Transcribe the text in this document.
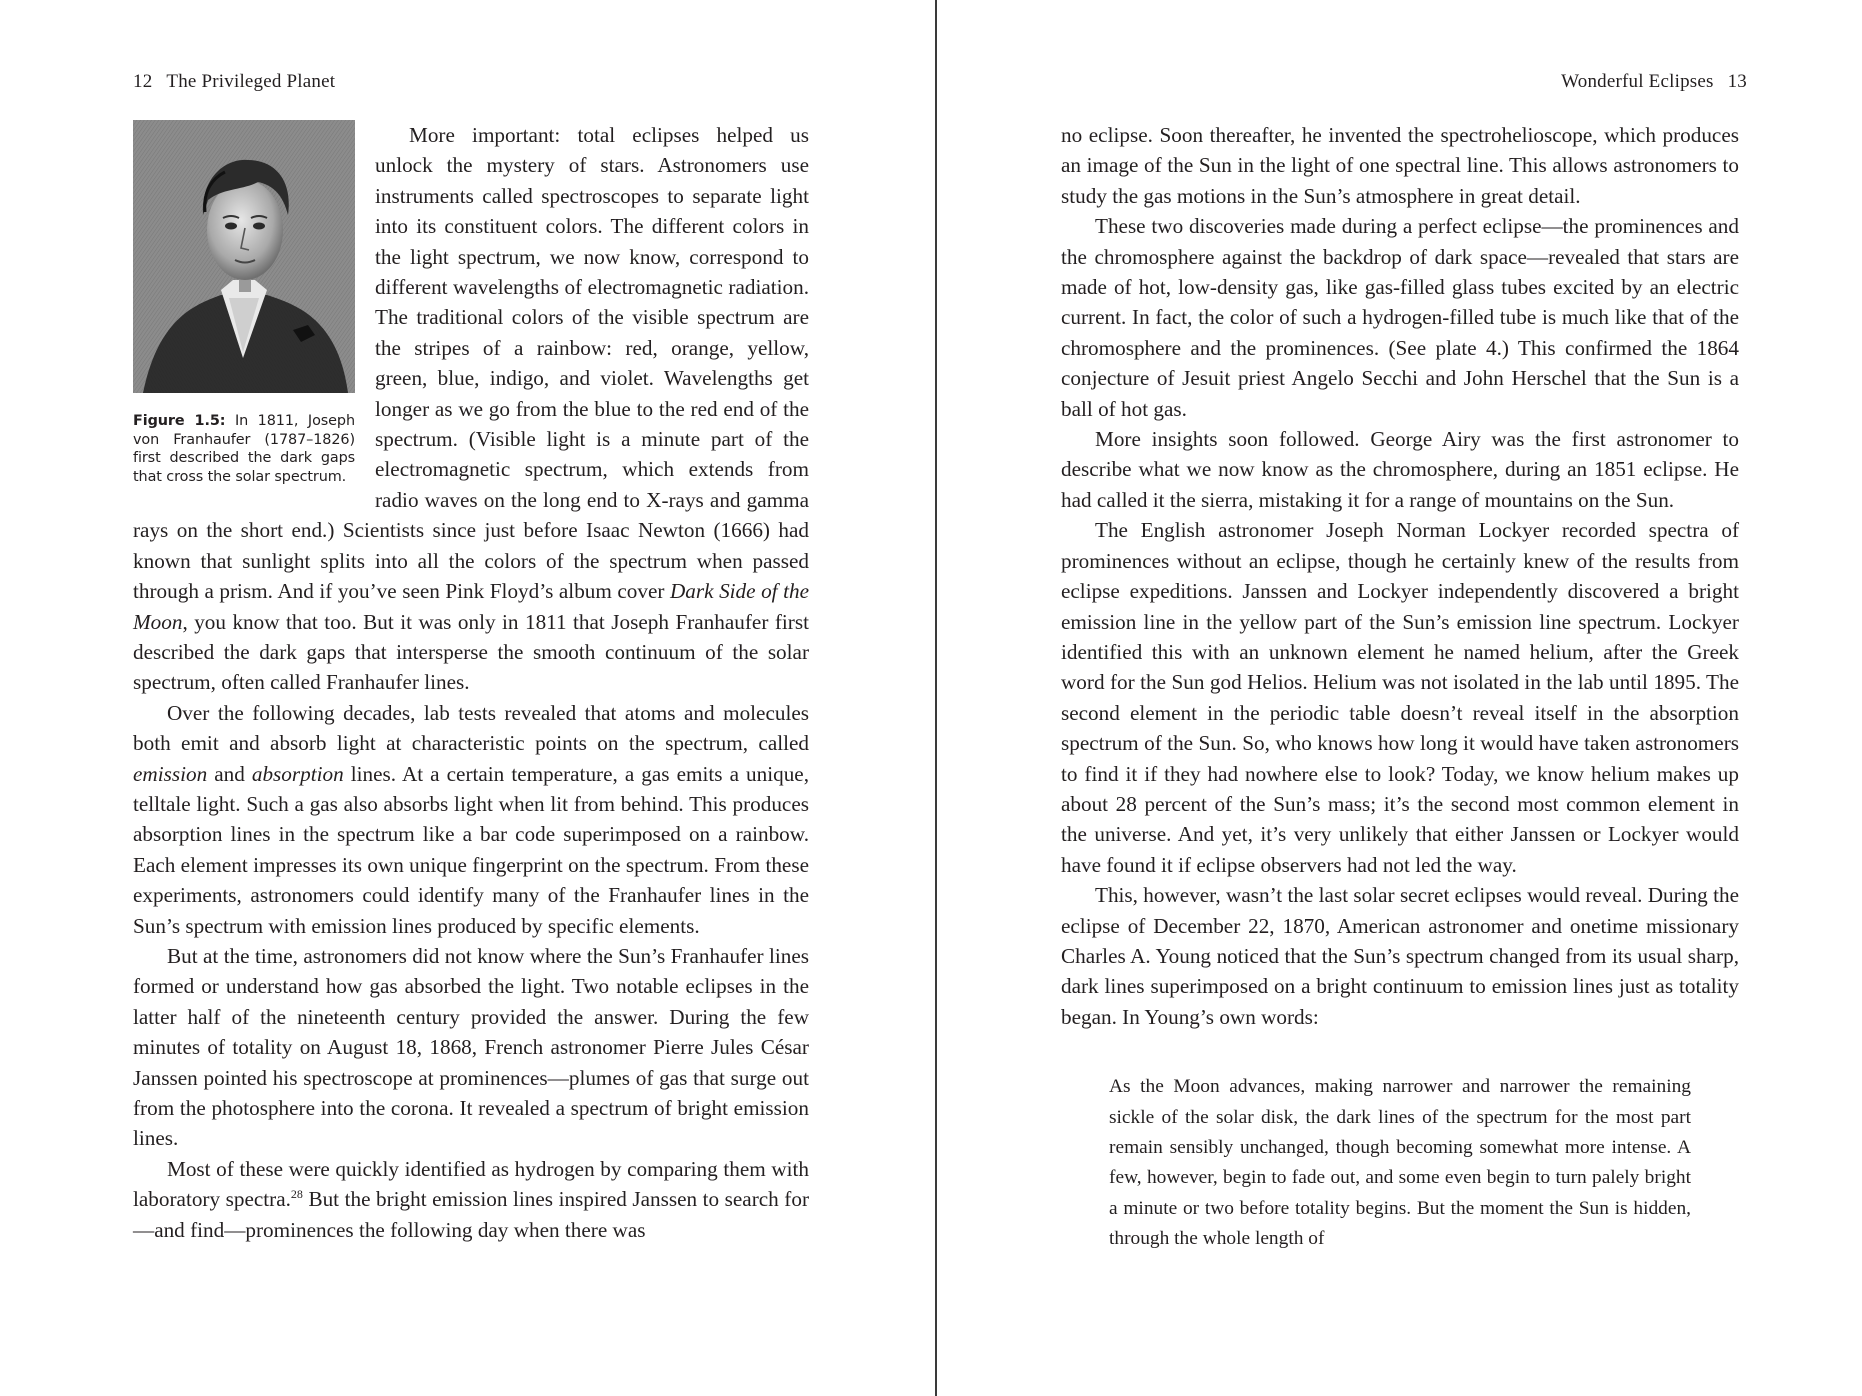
12 The Privileged Planet
Figure 1.5: In 1811, Joseph von Franhaufer (1787–1826) first described the dark gaps that cross the solar spectrum.

More important: total eclipses helped us unlock the mystery of stars. Astronomers use instruments called spectroscopes to separate light into its constituent colors. The different colors in the light spectrum, we now know, correspond to different wavelengths of electromagnetic radiation. The traditional colors of the visible spectrum are the stripes of a rainbow: red, orange, yellow, green, blue, indigo, and violet. Wavelengths get longer as we go from the blue to the red end of the spectrum. (Visible light is a minute part of the electromagnetic spectrum, which extends from radio waves on the long end to X-rays and gamma rays on the short end.) Scientists since just before Isaac Newton (1666) had known that sunlight splits into all the colors of the spectrum when passed through a prism. And if you’ve seen Pink Floyd’s album cover Dark Side of the Moon, you know that too. But it was only in 1811 that Joseph Franhaufer first described the dark gaps that intersperse the smooth continuum of the solar spectrum, often called Franhaufer lines.

Over the following decades, lab tests revealed that atoms and molecules both emit and absorb light at characteristic points on the spectrum, called emission and absorption lines. At a certain temperature, a gas emits a unique, telltale light. Such a gas also absorbs light when lit from behind. This produces absorption lines in the spectrum like a bar code superimposed on a rainbow. Each element impresses its own unique fingerprint on the spectrum. From these experiments, astronomers could identify many of the Franhaufer lines in the Sun’s spectrum with emission lines produced by specific elements.

But at the time, astronomers did not know where the Sun’s Franhaufer lines formed or understand how gas absorbed the light. Two notable eclipses in the latter half of the nineteenth century provided the answer. During the few minutes of totality on August 18, 1868, French astronomer Pierre Jules César Janssen pointed his spectroscope at prominences—plumes of gas that surge out from the photosphere into the corona. It revealed a spectrum of bright emission lines.

Most of these were quickly identified as hydrogen by comparing them with laboratory spectra.$^{28}$ But the bright emission lines inspired Janssen to search for—and find—prominences the following day when there was

Wonderful Eclipses 13

no eclipse. Soon thereafter, he invented the spectrohelioscope, which produces an image of the Sun in the light of one spectral line. This allows astronomers to study the gas motions in the Sun’s atmosphere in great detail.

These two discoveries made during a perfect eclipse—the prominences and the chromosphere against the backdrop of dark space—revealed that stars are made of hot, low-density gas, like gas-filled glass tubes excited by an electric current. In fact, the color of such a hydrogen-filled tube is much like that of the chromosphere and the prominences. (See plate 4.) This confirmed the 1864 conjecture of Jesuit priest Angelo Secchi and John Herschel that the Sun is a ball of hot gas.

More insights soon followed. George Airy was the first astronomer to describe what we now know as the chromosphere, during an 1851 eclipse. He had called it the sierra, mistaking it for a range of mountains on the Sun.

The English astronomer Joseph Norman Lockyer recorded spectra of prominences without an eclipse, though he certainly knew of the results from eclipse expeditions. Janssen and Lockyer independently discovered a bright emission line in the yellow part of the Sun’s emission line spectrum. Lockyer identified this with an unknown element he named helium, after the Greek word for the Sun god Helios. Helium was not isolated in the lab until 1895. The second element in the periodic table doesn’t reveal itself in the absorption spectrum of the Sun. So, who knows how long it would have taken astronomers to find it if they had nowhere else to look? Today, we know helium makes up about 28 percent of the Sun’s mass; it’s the second most common element in the universe. And yet, it’s very unlikely that either Janssen or Lockyer would have found it if eclipse observers had not led the way.

This, however, wasn’t the last solar secret eclipses would reveal. During the eclipse of December 22, 1870, American astronomer and onetime missionary Charles A. Young noticed that the Sun’s spectrum changed from its usual sharp, dark lines superimposed on a bright continuum to emission lines just as totality began. In Young’s own words:

As the Moon advances, making narrower and narrower the remaining sickle of the solar disk, the dark lines of the spectrum for the most part remain sensibly unchanged, though becoming somewhat more intense. A few, however, begin to fade out, and some even begin to turn palely bright a minute or two before totality begins. But the moment the Sun is hidden, through the whole length of
